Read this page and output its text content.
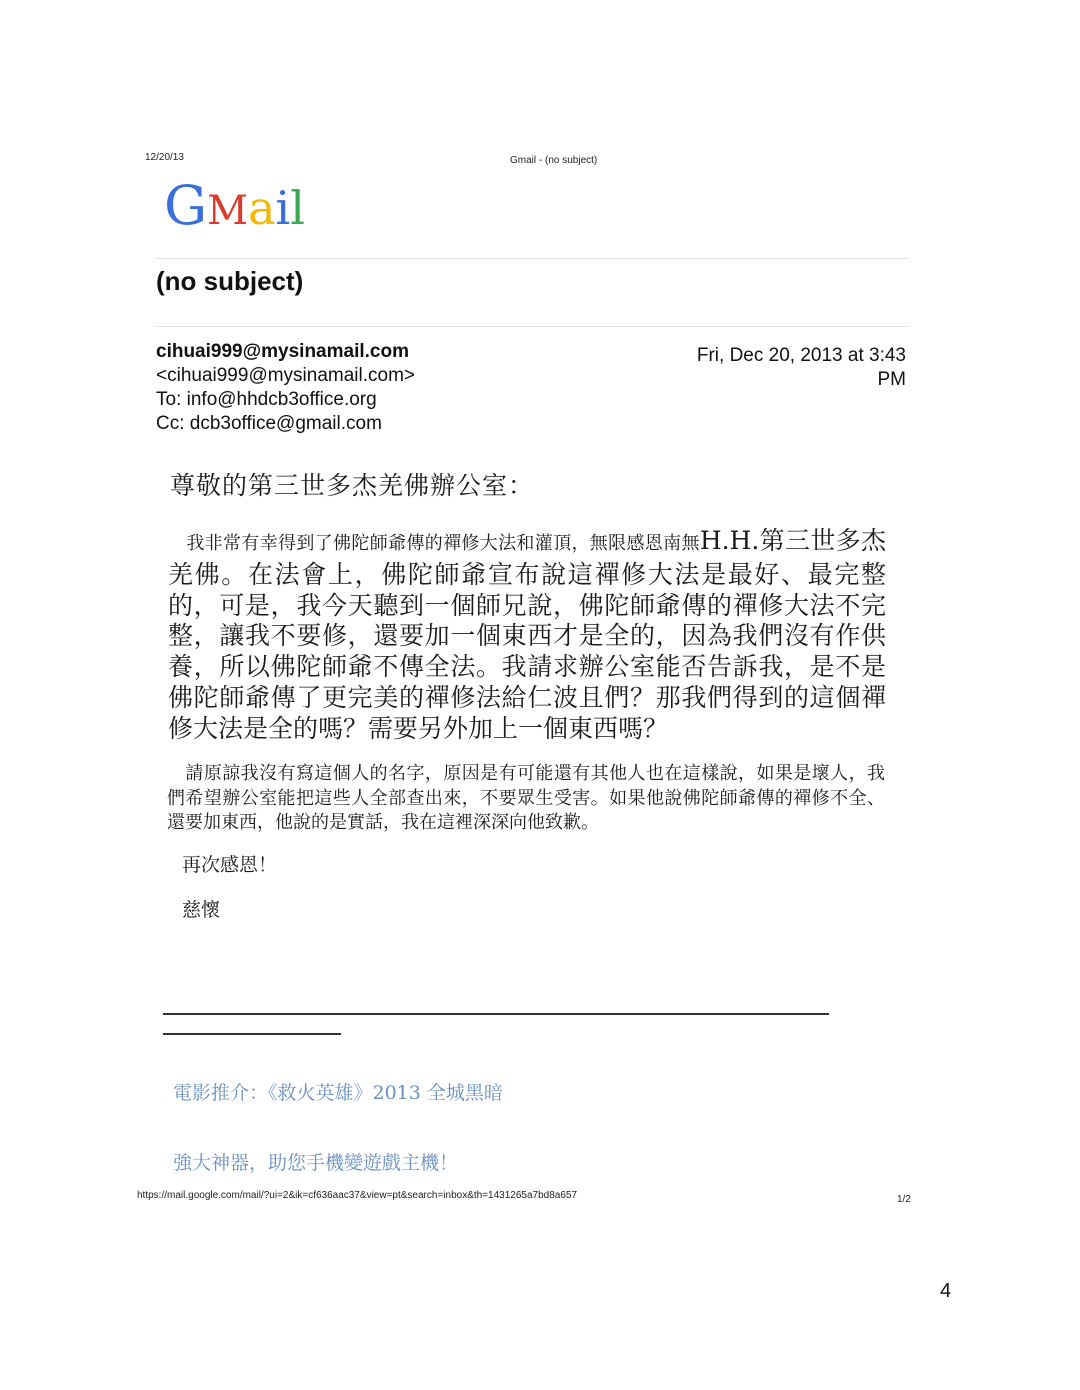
12/20/13	Gmail - (no subject)
GMail
(no subject)
cihuai999@mysinamail.com
<cihuai999@mysinamail.com>
To: info@hhdcb3office.org
Cc: dcb3office@gmail.com
Fri, Dec 20, 2013 at 3:43
PM
尊敬的第三世多杰羌佛辦公室：
　我非常有幸得到了佛陀師爺傳的禪修大法和灌頂，無限感恩南無H.H.第三世多杰羌佛。在法會上，佛陀師爺宣布說這禪修大法是最好、最完整的，可是，我今天聽到一個師兄說，佛陀師爺傳的禪修大法不完整，讓我不要修，還要加一個東西才是全的，因為我們沒有作供養，所以佛陀師爺不傳全法。我請求辦公室能否告訴我，是不是佛陀師爺傳了更完美的禪修法給仁波且們？那我們得到的這個禪修大法是全的嗎？需要另外加上一個東西嗎？
　請原諒我沒有寫這個人的名字，原因是有可能還有其他人也在這樣說，如果是壞人，我們希望辦公室能把這些人全部查出來，不要眾生受害。如果他說佛陀師爺傳的禪修不全、還要加東西，他說的是實話，我在這裡深深向他致歉。
再次感恩！
慈懷
電影推介：《救火英雄》2013 全城黑暗
強大神器，助您手機變遊戲主機！
https://mail.google.com/mail/?ui=2&ik=cf636aac37&view=pt&search=inbox&th=1431265a7bd8a657	1/2
4
